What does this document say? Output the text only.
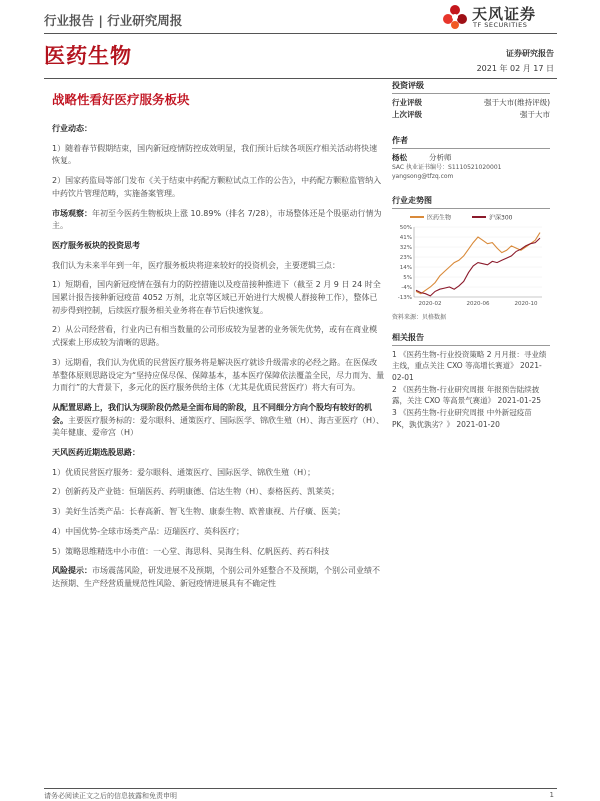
行业报告 | 行业研究周报	天风证券
TF SECURITIES
医药生物	证券研究报告
2021 年 02 月 17 日
战略性看好医疗服务板块

行业动态：

1）随着春节假期结束，国内新冠疫情防控成效明显，我们预计后续各项医疗相关活动将快速恢复。

2）国家药监局等部门发布《关于结束中药配方颗粒试点工作的公告》，中药配方颗粒监管纳入中药饮片管理范畴，实施备案管理。

市场观察：年初至今医药生物板块上涨 10.89%（排名 7/28），市场整体还是个股驱动行情为主。

医疗服务板块的投资思考

我们认为未来半年到一年，医疗服务板块将迎来较好的投资机会，主要逻辑三点：

1）短期看，国内新冠疫情在强有力的防控措施以及疫苗接种推进下（截至 2 月 9 日 24 时全国累计报告接种新冠疫苗 4052 万剂，北京等区域已开始进行大规模人群接种工作），整体已初步得到控制，后续医疗服务相关业务将在春节后快速恢复。

2）从公司经营看，行业内已有相当数量的公司形成较为显著的业务领先优势，或有在商业模式探索上形成较为清晰的思路。

3）远期看，我们认为优质的民营医疗服务将是解决医疗就诊升级需求的必经之路。在医保改革整体原则思路设定为“坚持应保尽保、保障基本，基本医疗保障依法覆盖全民，尽力而为、量力而行”的大背景下，多元化的医疗服务供给主体（尤其是优质民营医疗）将大有可为。

从配置思路上，我们认为现阶段仍然是全面布局的阶段，且不同细分方向个股均有较好的机会。主要医疗服务标的：爱尔眼科、通策医疗、国际医学、锦欣生殖（H）、海吉亚医疗（H）、美年健康、爱帝宫（H）

天风医药近期选股思路：

1）优质民营医疗服务：爱尔眼科、通策医疗、国际医学、锦欣生殖（H）；

2）创新药及产业链：恒瑞医药、药明康德、信达生物（H）、泰格医药、凯莱英；

3）美好生活类产品：长春高新、智飞生物、康泰生物、欧普康视、片仔癀、医美；

4）中国优势-全球市场类产品：迈瑞医疗、英科医疗；

5）策略思维精选中小市值：一心堂、海思科、昊海生科、亿帆医药、药石科技

风险提示：市场震荡风险，研发进展不及预期，个别公司外延整合不及预期，个别公司业绩不达预期、生产经营质量规范性风险、新冠疫情进展具有不确定性

投资评级
行业评级	强于大市(维持评级)
上次评级	强于大市
作者
杨松	分析师
SAC 执业证书编号：S1110521020001
yangsong@tfzq.com
行业走势图
医药生物	沪深300
50%
41%
32%
23%
14%
5%
-4%
-13%
2020-02	2020-06	2020-10
资料来源：贝格数据
相关报告

1 《医药生物-行业投资策略 2 月月报：寻业绩主线，重点关注 CXO 等高增长赛道》 2021-02-01

2 《医药生物-行业研究周报 年报预告陆续披露，关注 CXO 等高景气赛道》 2021-01-25

3 《医药生物-行业研究周报 中外新冠疫苗 PK，孰优孰劣？》 2021-01-20

请务必阅读正文之后的信息披露和免责申明	1
